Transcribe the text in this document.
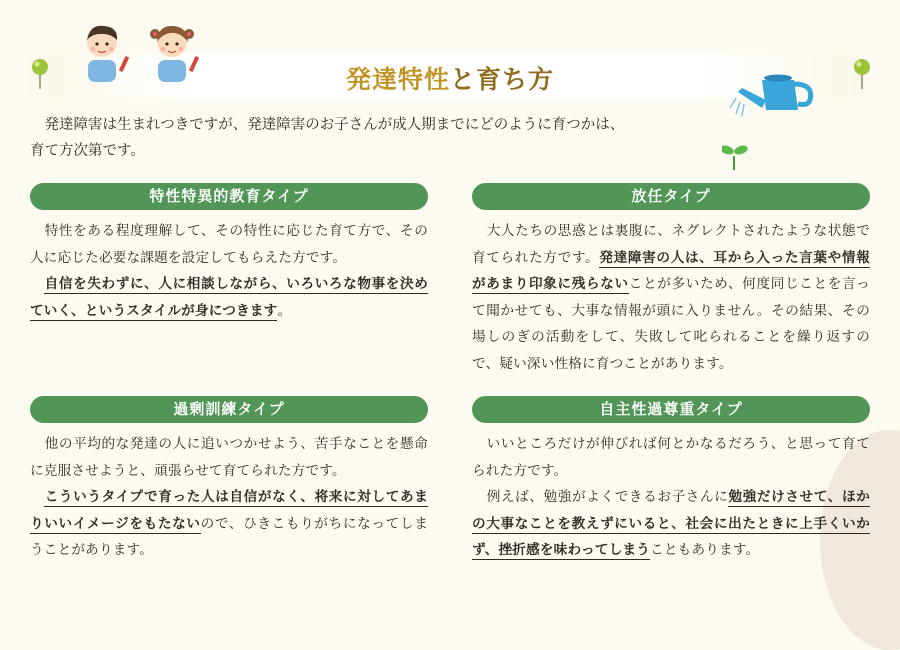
発達特性と育ち方
　発達障害は生まれつきですが、発達障害のお子さんが成人期までにどのように育つかは、
育て方次第です。
特性特異的教育タイプ

特性をある程度理解して、その特性に応じた育て方で、その人に応じた必要な課題を設定してもらえた方です。
自信を失わずに、人に相談しながら、いろいろな物事を決めていく、というスタイルが身につきます。

放任タイプ

大人たちの思惑とは裏腹に、ネグレクトされたような状態で育てられた方です。発達障害の人は、耳から入った言葉や情報があまり印象に残らないことが多いため、何度同じことを言って聞かせても、大事な情報が頭に入りません。その結果、その場しのぎの活動をして、失敗して叱られることを繰り返すので、疑い深い性格に育つことがあります。

過剰訓練タイプ

他の平均的な発達の人に追いつかせよう、苦手なことを懸命に克服させようと、頑張らせて育てられた方です。
こういうタイプで育った人は自信がなく、将来に対してあまりいいイメージをもたないので、ひきこもりがちになってしまうことがあります。

自主性過尊重タイプ

いいところだけが伸びれば何とかなるだろう、と思って育てられた方です。
例えば、勉強がよくできるお子さんに勉強だけさせて、ほかの大事なことを教えずにいると、社会に出たときに上手くいかず、挫折感を味わってしまうこともあります。
